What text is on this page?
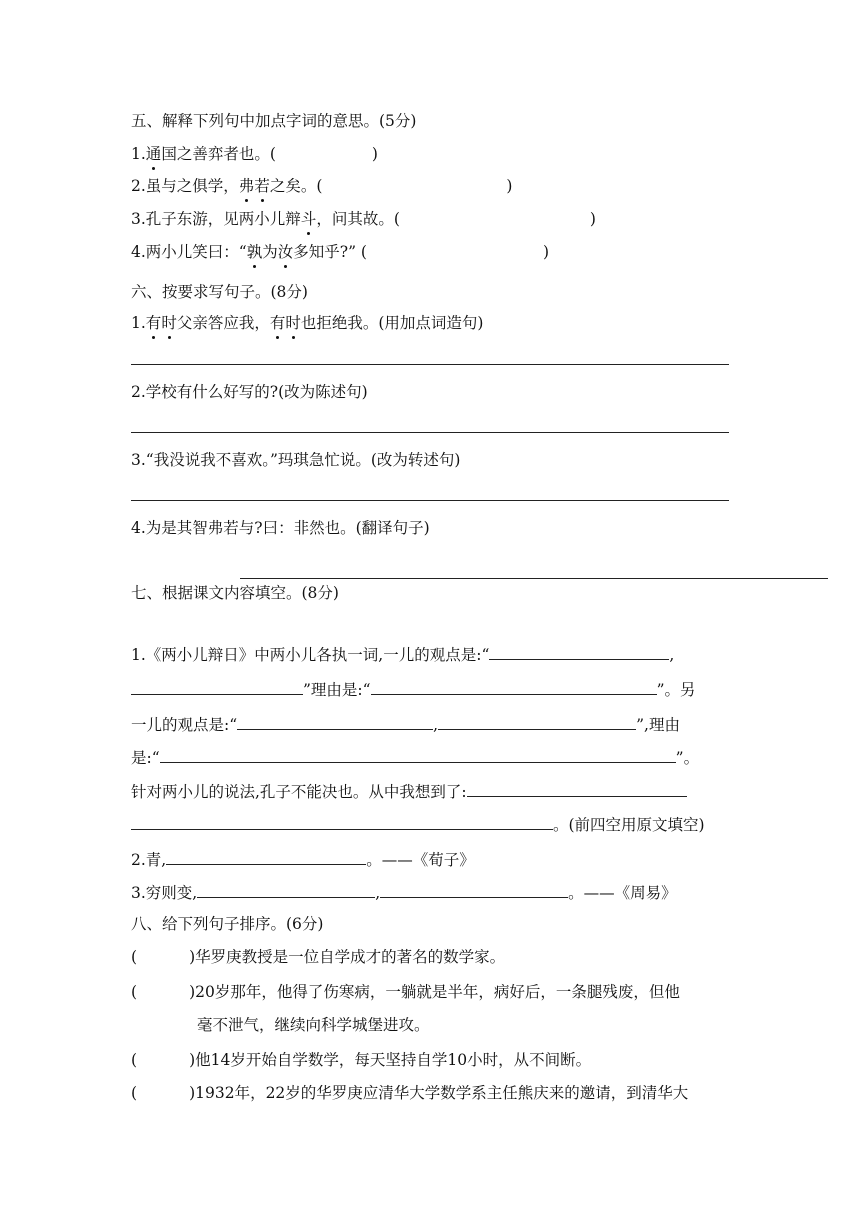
五、解释下列句中加点字词的意思。(5分)
1.通国之善弈者也。(	)
2.虽与之俱学，弗若之矣。(	)
3.孔子东游，见两小儿辩斗，问其故。(	)
4.两小儿笑曰：“孰为汝多知乎?” (	)
六、按要求写句子。(8分)
1.有时父亲答应我，有时也拒绝我。(用加点词造句)
2.学校有什么好写的?(改为陈述句)
3.“我没说我不喜欢。”玛琪急忙说。(改为转述句)
4.为是其智弗若与?曰：非然也。(翻译句子)
七、根据课文内容填空。(8分)
1.《两小儿辩日》中两小儿各执一词,一儿的观点是:“	,
”理由是:“	”。另
一儿的观点是:“	,	”,理由
是:“	”。
针对两小儿的说法,孔子不能决也。从中我想到了:
。(前四空用原文填空)
2.青,	。——《荀子》
3.穷则变,	,	。——《周易》
八、给下列句子排序。(6分)
(	)华罗庚教授是一位自学成才的著名的数学家。
(	)20岁那年，他得了伤寒病，一躺就是半年，病好后，一条腿残废，但他
毫不泄气，继续向科学城堡进攻。
(	)他14岁开始自学数学，每天坚持自学10小时，从不间断。
(	)1932年，22岁的华罗庚应清华大学数学系主任熊庆来的邀请，到清华大
